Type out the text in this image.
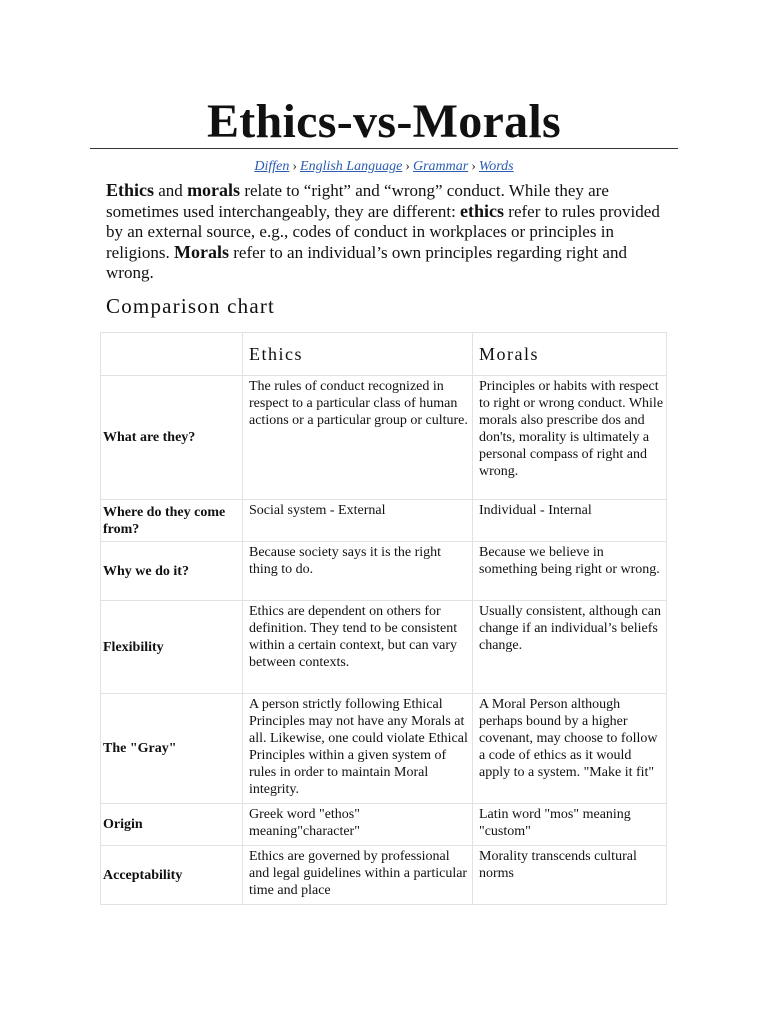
Ethics-vs-Morals
Diffen › English Language › Grammar › Words

Ethics and morals relate to “right” and “wrong” conduct. While they are sometimes used interchangeably, they are different: ethics refer to rules provided by an external source, e.g., codes of conduct in workplaces or principles in religions. Morals refer to an individual’s own principles regarding right and wrong.

Comparison chart
	Ethics	Morals
What are they?	The rules of conduct recognized in respect to a particular class of human actions or a particular group or culture.	Principles or habits with respect to right or wrong conduct. While morals also prescribe dos and don'ts, morality is ultimately a personal compass of right and wrong.
Where do they come from?	Social system - External	Individual - Internal
Why we do it?	Because society says it is the right thing to do.	Because we believe in something being right or wrong.
Flexibility	Ethics are dependent on others for definition. They tend to be consistent within a certain context, but can vary between contexts.	Usually consistent, although can change if an individual’s beliefs change.
The "Gray"	A person strictly following Ethical Principles may not have any Morals at all. Likewise, one could violate Ethical Principles within a given system of rules in order to maintain Moral integrity.	A Moral Person although perhaps bound by a higher covenant, may choose to follow a code of ethics as it would apply to a system. "Make it fit"
Origin	Greek word "ethos" meaning"character"	Latin word "mos" meaning "custom"
Acceptability	Ethics are governed by professional and legal guidelines within a particular time and place	Morality transcends cultural norms
